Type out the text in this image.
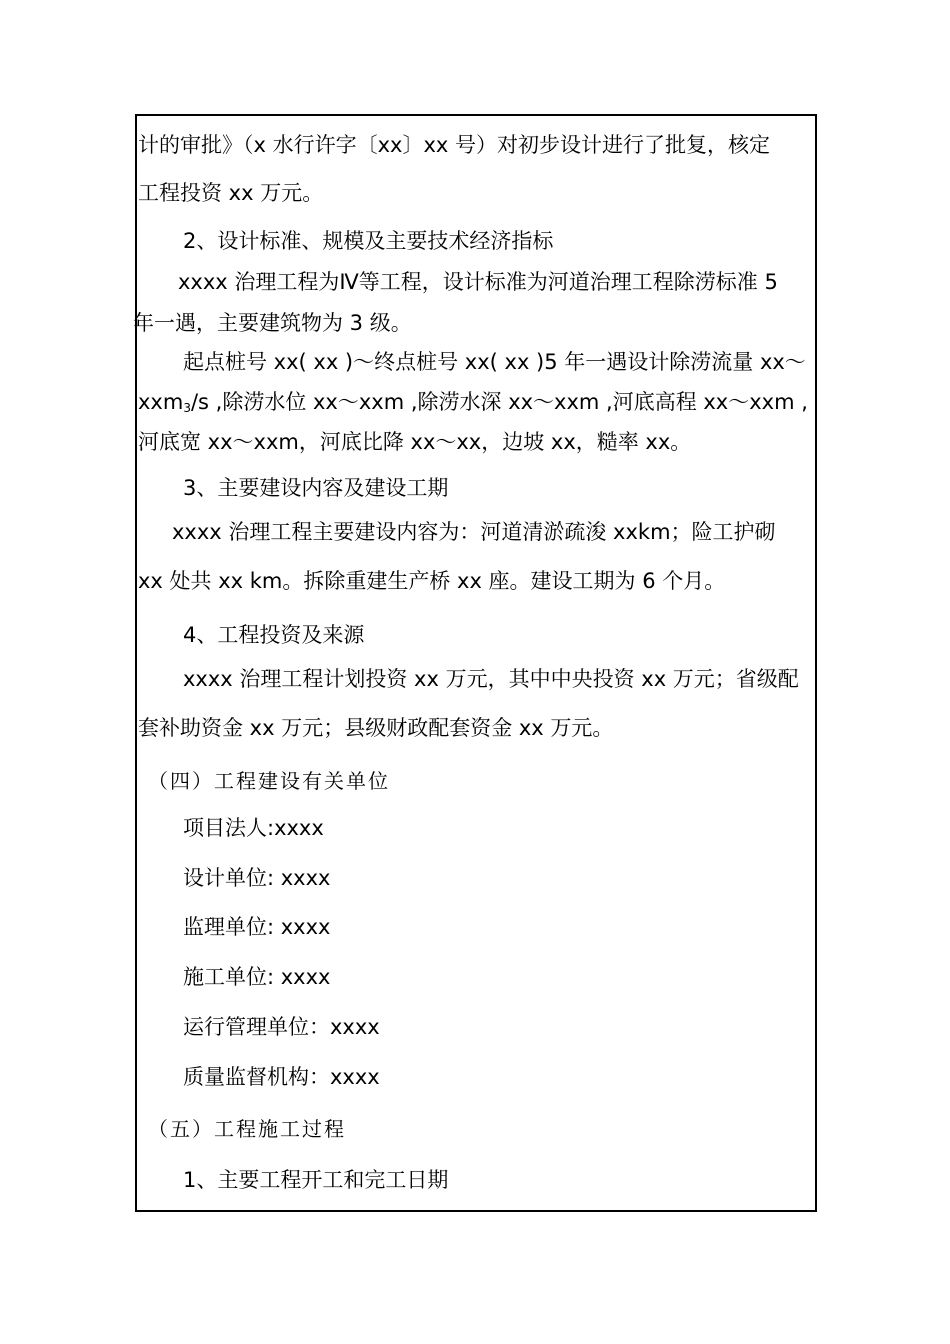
计的审批》（x 水行许字〔xx〕xx 号）对初步设计进行了批复，核定
工程投资 xx 万元。
2、设计标准、规模及主要技术经济指标
xxxx 治理工程为Ⅳ等工程，设计标准为河道治理工程除涝标准 5
年一遇，主要建筑物为 3 级。
起点桩号 xx( xx )～终点桩号 xx( xx )5 年一遇设计除涝流量 xx～
xxm$_3$/s ,除涝水位 xx～xxm ,除涝水深 xx～xxm ,河底高程 xx～xxm ,
河底宽 xx～xxm，河底比降 xx～xx，边坡 xx，糙率 xx。
3、主要建设内容及建设工期
xxxx 治理工程主要建设内容为：河道清淤疏浚 xxkm；险工护砌
xx 处共 xx km。拆除重建生产桥 xx 座。建设工期为 6 个月。
4、工程投资及来源
xxxx 治理工程计划投资 xx 万元，其中中央投资 xx 万元；省级配
套补助资金 xx 万元；县级财政配套资金 xx 万元。
（四）工程建设有关单位
项目法人:xxxx
设计单位: xxxx
监理单位: xxxx
施工单位: xxxx
运行管理单位：xxxx
质量监督机构：xxxx
（五）工程施工过程
1、主要工程开工和完工日期
